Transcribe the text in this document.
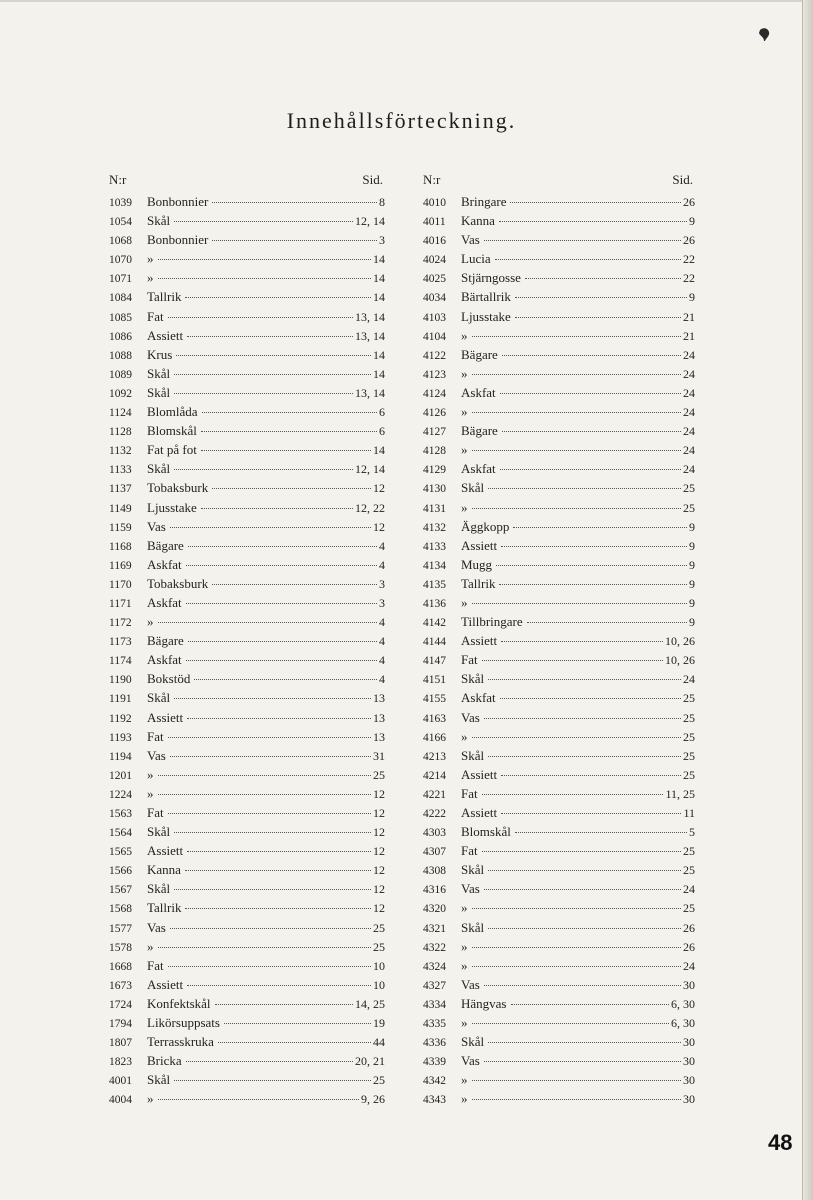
Innehållsförteckning.
N:r	Sid.
1039	Bonbonnier	8
1054	Skål	12, 14
1068	Bonbonnier	3
1070	»	14
1071	»	14
1084	Tallrik	14
1085	Fat	13, 14
1086	Assiett	13, 14
1088	Krus	14
1089	Skål	14
1092	Skål	13, 14
1124	Blomlåda	6
1128	Blomskål	6
1132	Fat på fot	14
1133	Skål	12, 14
1137	Tobaksburk	12
1149	Ljusstake	12, 22
1159	Vas	12
1168	Bägare	4
1169	Askfat	4
1170	Tobaksburk	3
1171	Askfat	3
1172	»	4
1173	Bägare	4
1174	Askfat	4
1190	Bokstöd	4
1191	Skål	13
1192	Assiett	13
1193	Fat	13
1194	Vas	31
1201	»	25
1224	»	12
1563	Fat	12
1564	Skål	12
1565	Assiett	12
1566	Kanna	12
1567	Skål	12
1568	Tallrik	12
1577	Vas	25
1578	»	25
1668	Fat	10
1673	Assiett	10
1724	Konfektskål	14, 25
1794	Likörsuppsats	19
1807	Terrasskruka	44
1823	Bricka	20, 21
4001	Skål	25
4004	»	9, 26
N:r	Sid.
4010	Bringare	26
4011	Kanna	9
4016	Vas	26
4024	Lucia	22
4025	Stjärngosse	22
4034	Bärtallrik	9
4103	Ljusstake	21
4104	»	21
4122	Bägare	24
4123	»	24
4124	Askfat	24
4126	»	24
4127	Bägare	24
4128	»	24
4129	Askfat	24
4130	Skål	25
4131	»	25
4132	Äggkopp	9
4133	Assiett	9
4134	Mugg	9
4135	Tallrik	9
4136	»	9
4142	Tillbringare	9
4144	Assiett	10, 26
4147	Fat	10, 26
4151	Skål	24
4155	Askfat	25
4163	Vas	25
4166	»	25
4213	Skål	25
4214	Assiett	25
4221	Fat	11, 25
4222	Assiett	11
4303	Blomskål	5
4307	Fat	25
4308	Skål	25
4316	Vas	24
4320	»	25
4321	Skål	26
4322	»	26
4324	»	24
4327	Vas	30
4334	Hängvas	6, 30
4335	»	6, 30
4336	Skål	30
4339	Vas	30
4342	»	30
4343	»	30
48
